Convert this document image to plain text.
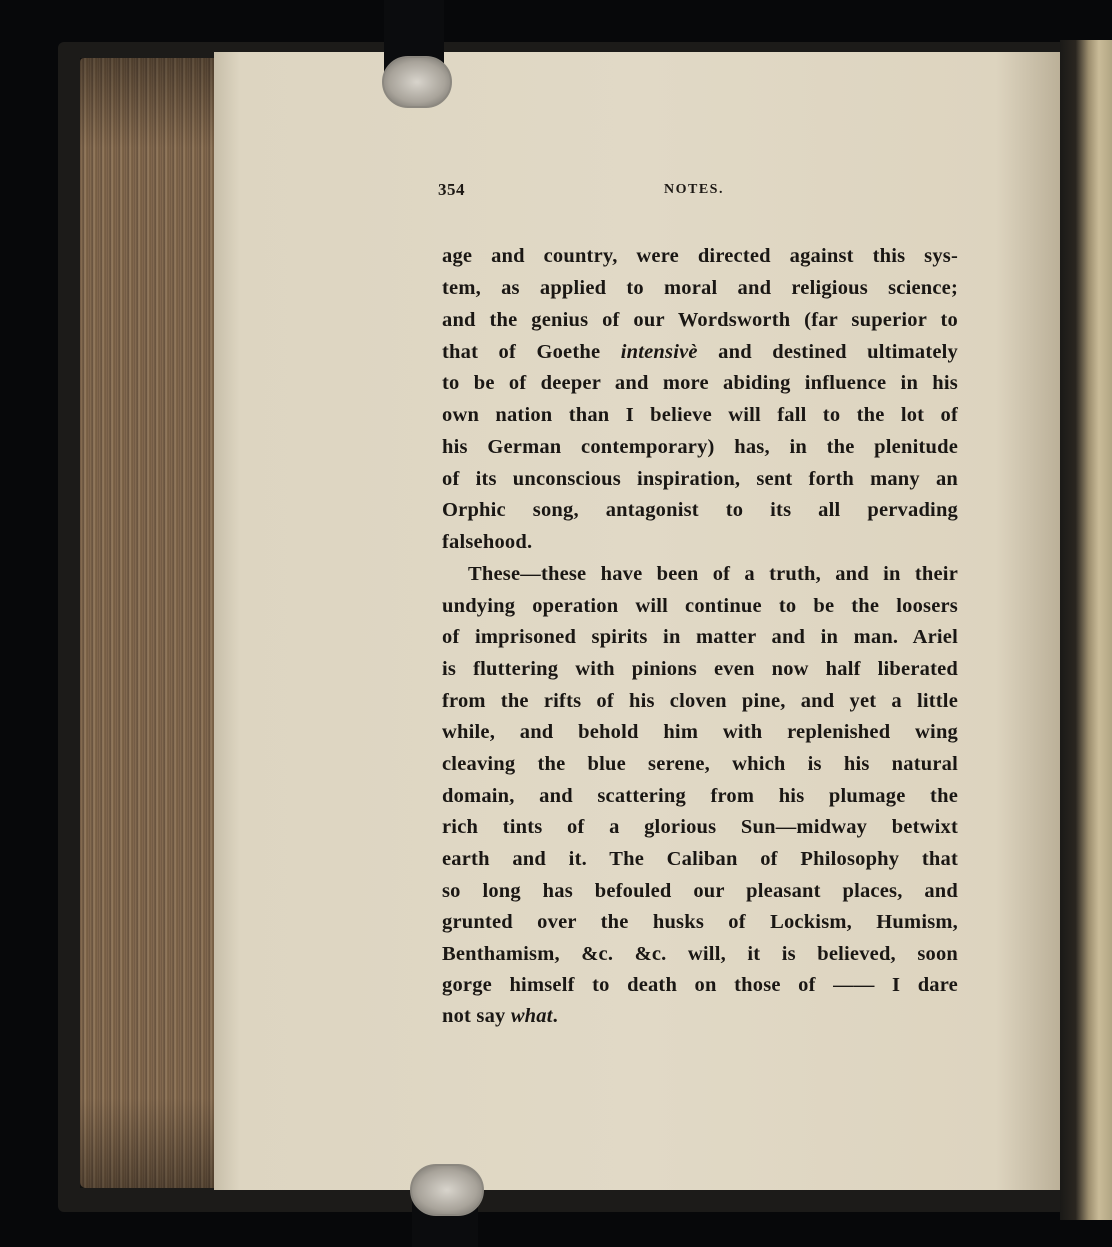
354	NOTES.
age and country, were directed against this sys-
tem, as applied to moral and religious science;
and the genius of our Wordsworth (far superior to
that of Goethe intensivè and destined ultimately
to be of deeper and more abiding influence in his
own nation than I believe will fall to the lot of
his German contemporary) has, in the plenitude
of its unconscious inspiration, sent forth many an
Orphic song, antagonist to its all pervading
falsehood.
These—these have been of a truth, and in their
undying operation will continue to be the loosers
of imprisoned spirits in matter and in man. Ariel
is fluttering with pinions even now half liberated
from the rifts of his cloven pine, and yet a little
while, and behold him with replenished wing
cleaving the blue serene, which is his natural
domain, and scattering from his plumage the
rich tints of a glorious Sun—midway betwixt
earth and it. The Caliban of Philosophy that
so long has befouled our pleasant places, and
grunted over the husks of Lockism, Humism,
Benthamism, &c. &c. will, it is believed, soon
gorge himself to death on those of —— I dare
not say what.
